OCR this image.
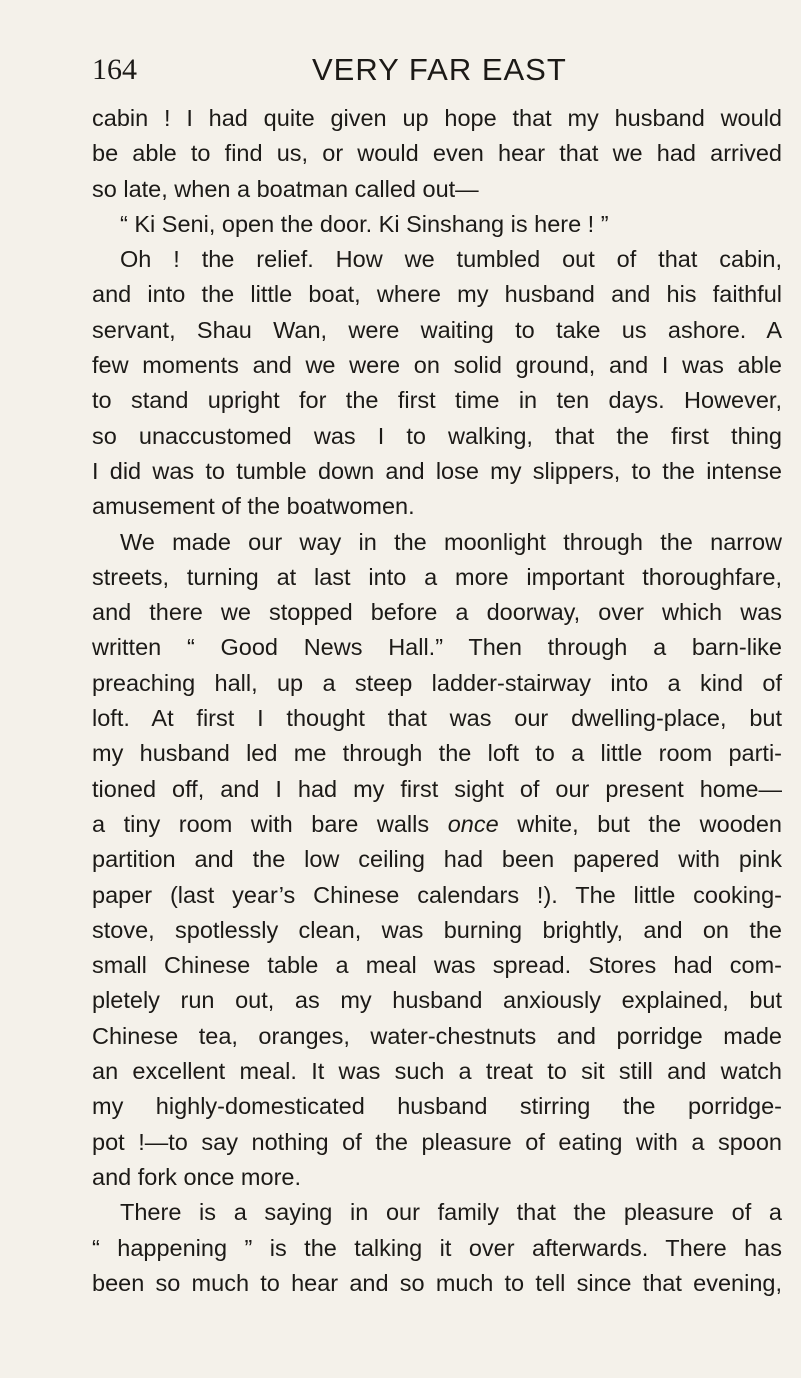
164	VERY FAR EAST
cabin ! I had quite given up hope that my husband would
be able to find us, or would even hear that we had arrived
so late, when a boatman called out—
“ Ki Seni, open the door. Ki Sinshang is here ! ”
Oh ! the relief. How we tumbled out of that cabin,
and into the little boat, where my husband and his faithful
servant, Shau Wan, were waiting to take us ashore. A
few moments and we were on solid ground, and I was able
to stand upright for the first time in ten days. However,
so unaccustomed was I to walking, that the first thing
I did was to tumble down and lose my slippers, to the intense
amusement of the boatwomen.
We made our way in the moonlight through the narrow
streets, turning at last into a more important thoroughfare,
and there we stopped before a doorway, over which was
written “ Good News Hall.” Then through a barn-like
preaching hall, up a steep ladder-stairway into a kind of
loft. At first I thought that was our dwelling-place, but
my husband led me through the loft to a little room parti-
tioned off, and I had my first sight of our present home—
a tiny room with bare walls once white, but the wooden
partition and the low ceiling had been papered with pink
paper (last year’s Chinese calendars !). The little cooking-
stove, spotlessly clean, was burning brightly, and on the
small Chinese table a meal was spread. Stores had com-
pletely run out, as my husband anxiously explained, but
Chinese tea, oranges, water-chestnuts and porridge made
an excellent meal. It was such a treat to sit still and watch
my highly-domesticated husband stirring the porridge-
pot !—to say nothing of the pleasure of eating with a spoon
and fork once more.
There is a saying in our family that the pleasure of a
“ happening ” is the talking it over afterwards. There has
been so much to hear and so much to tell since that evening,
